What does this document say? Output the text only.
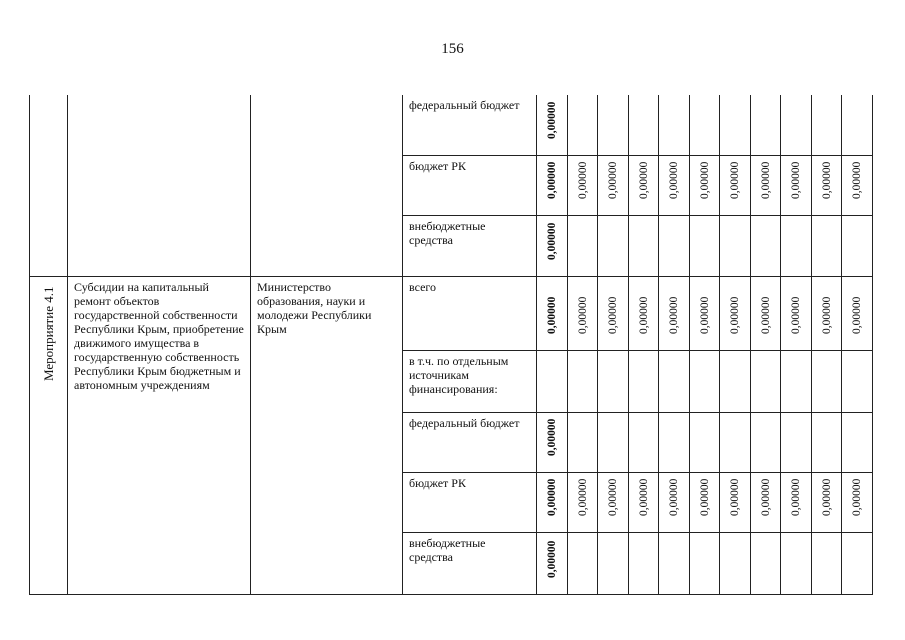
156
			федеральный бюджет	0,00000										

			бюджет РК	0,00000	0,00000	0,00000	0,00000	0,00000	0,00000	0,00000	0,00000	0,00000	0,00000	0,00000

			внебюджетные средства	0,00000										

Мероприятие 4.1	Субсидии на капитальный ремонт объектов государственной собственности Республики Крым, приобретение движимого имущества в государственную собственность Республики Крым бюджетным и автономным учреждениям	Министерство образования, науки и молодежи Республики Крым	всего	0,00000	0,00000	0,00000	0,00000	0,00000	0,00000	0,00000	0,00000	0,00000	0,00000	0,00000

			в т.ч. по отдельным источникам финансирования:											
			федеральный бюджет	0,00000										

			бюджет РК	0,00000	0,00000	0,00000	0,00000	0,00000	0,00000	0,00000	0,00000	0,00000	0,00000	0,00000

			внебюджетные средства	0,00000										
